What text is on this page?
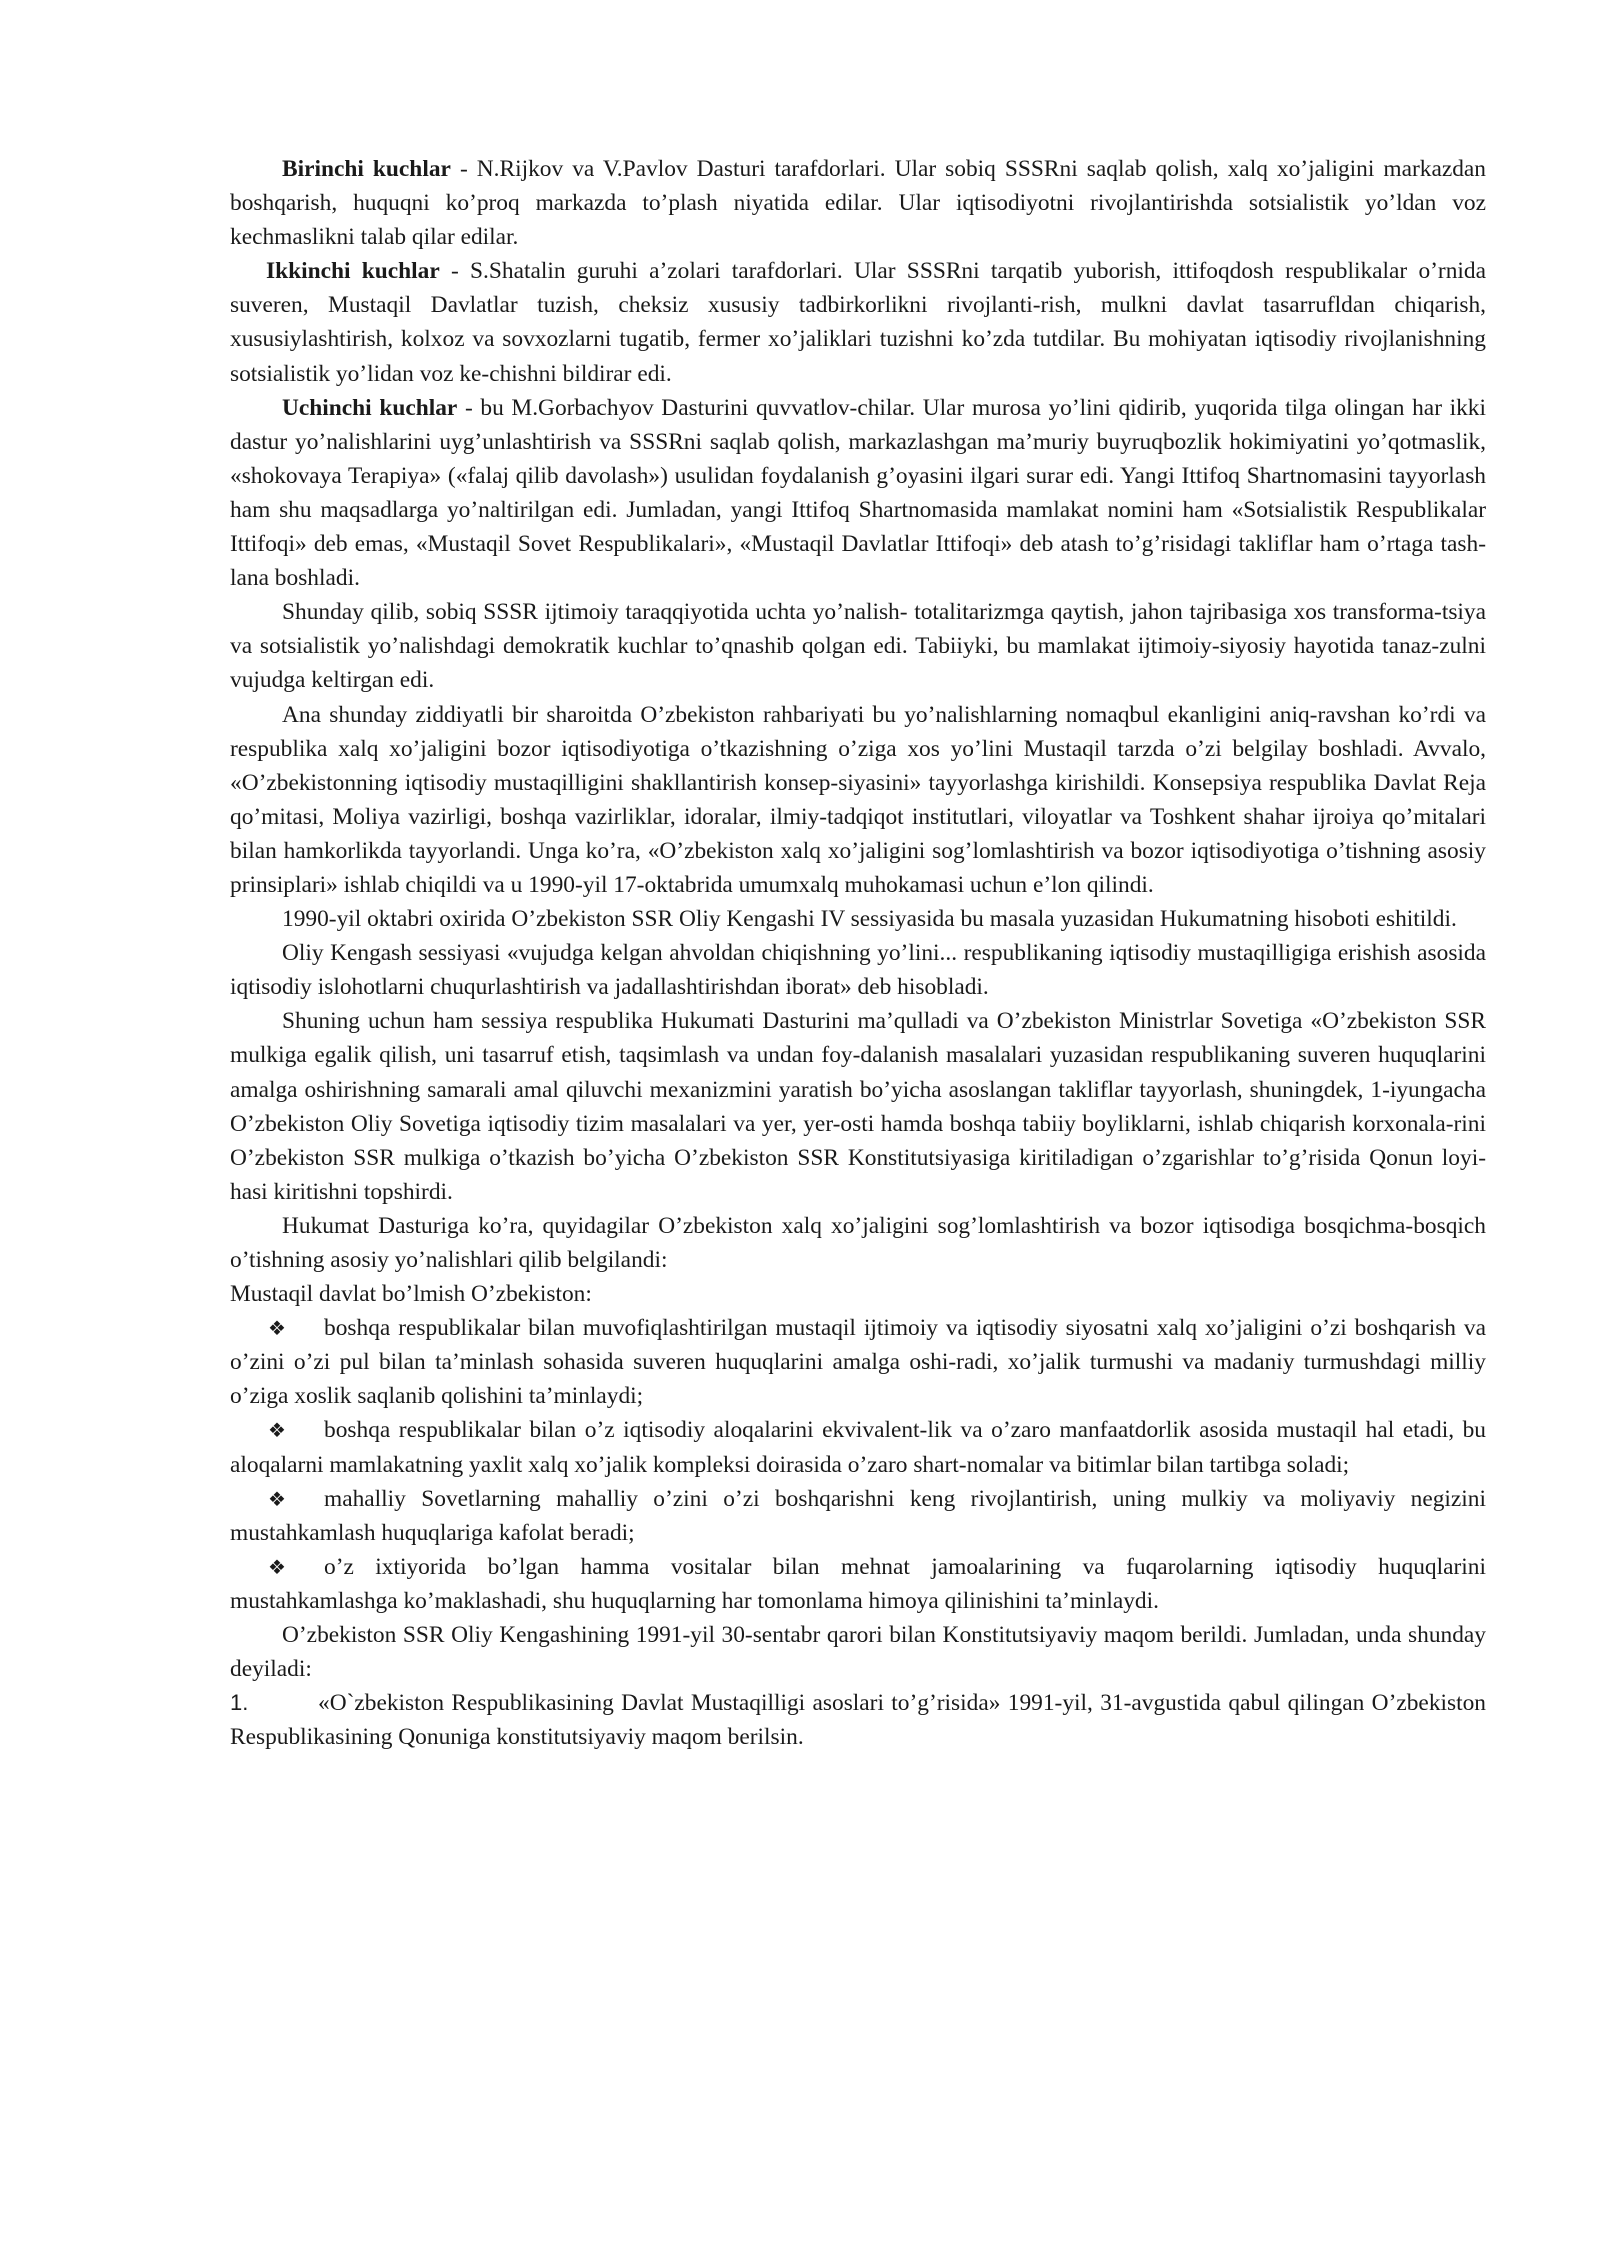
Birinchi kuchlar - N.Rijkov va V.Pavlov Dasturi tarafdorlari. Ular sobiq SSSRni saqlab qolish, xalq xo’jaligini markazdan boshqarish, huquqni ko’proq markazda to’plash niyatida edilar. Ular iqtisodiyotni rivojlantirishda sotsialistik yo’ldan voz kechmaslikni talab qilar edilar.

Ikkinchi kuchlar - S.Shatalin guruhi a’zolari tarafdorlari. Ular SSSRni tarqatib yuborish, ittifoqdosh respublikalar o’rnida suveren, Mustaqil Davlatlar tuzish, cheksiz xususiy tadbirkorlikni rivojlanti-rish, mulkni davlat tasarrufldan chiqarish, xususiylashtirish, kolxoz va sovxozlarni tugatib, fermer xo’jaliklari tuzishni ko’zda tutdilar. Bu mohiyatan iqtisodiy rivojlanishning sotsialistik yo’lidan voz ke-chishni bildirar edi.

Uchinchi kuchlar - bu M.Gorbachyov Dasturini quvvatlov-chilar. Ular murosa yo’lini qidirib, yuqorida tilga olingan har ikki dastur yo’nalishlarini uyg’unlashtirish va SSSRni saqlab qolish, markazlashgan ma’muriy buyruqbozlik hokimiyatini yo’qotmaslik, «shokovaya Terapiya» («falaj qilib davolash») usulidan foydalanish g’oyasini ilgari surar edi. Yangi Ittifoq Shartnomasini tayyorlash ham shu maqsadlarga yo’naltirilgan edi. Jumladan, yangi Ittifoq Shartnomasida mamlakat nomini ham «Sotsialistik Respublikalar Ittifoqi» deb emas, «Mustaqil Sovet Respublikalari», «Mustaqil Davlatlar Ittifoqi» deb atash to’g’risidagi takliflar ham o’rtaga tash-lana boshladi.

Shunday qilib, sobiq SSSR ijtimoiy taraqqiyotida uchta yo’nalish- totalitarizmga qaytish, jahon tajribasiga xos transforma-tsiya va sotsialistik yo’nalishdagi demokratik kuchlar to’qnashib qolgan edi. Tabiiyki, bu mamlakat ijtimoiy-siyosiy hayotida tanaz-zulni vujudga keltirgan edi.

Ana shunday ziddiyatli bir sharoitda O’zbekiston rahbariyati bu yo’nalishlarning nomaqbul ekanligini aniq-ravshan ko’rdi va respublika xalq xo’jaligini bozor iqtisodiyotiga o’tkazishning o’ziga xos yo’lini Mustaqil tarzda o’zi belgilay boshladi. Avvalo, «O’zbekistonning iqtisodiy mustaqilligini shakllantirish konsep-siyasini» tayyorlashga kirishildi. Konsepsiya respublika Davlat Reja qo’mitasi, Moliya vazirligi, boshqa vazirliklar, idoralar, ilmiy-tadqiqot institutlari, viloyatlar va Toshkent shahar ijroiya qo’mitalari bilan hamkorlikda tayyorlandi. Unga ko’ra, «O’zbekiston xalq xo’jaligini sog’lomlashtirish va bozor iqtisodiyotiga o’tishning asosiy prinsiplari» ishlab chiqildi va u 1990-yil 17-oktabrida umumxalq muhokamasi uchun e’lon qilindi.

1990-yil oktabri oxirida O’zbekiston SSR Oliy Kengashi IV sessiyasida bu masala yuzasidan Hukumatning hisoboti eshitildi.

Oliy Kengash sessiyasi «vujudga kelgan ahvoldan chiqishning yo’lini... respublikaning iqtisodiy mustaqilligiga erishish asosida iqtisodiy islohotlarni chuqurlashtirish va jadallashtirishdan iborat» deb hisobladi.

Shuning uchun ham sessiya respublika Hukumati Dasturini ma’qulladi va O’zbekiston Ministrlar Sovetiga «O’zbekiston SSR mulkiga egalik qilish, uni tasarruf etish, taqsimlash va undan foy-dalanish masalalari yuzasidan respublikaning suveren huquqlarini amalga oshirishning samarali amal qiluvchi mexanizmini yaratish bo’yicha asoslangan takliflar tayyorlash, shuningdek, 1-iyungacha O’zbekiston Oliy Sovetiga iqtisodiy tizim masalalari va yer, yer-osti hamda boshqa tabiiy boyliklarni, ishlab chiqarish korxonala-rini O’zbekiston SSR mulkiga o’tkazish bo’yicha O’zbekiston SSR Konstitutsiyasiga kiritiladigan o’zgarishlar to’g’risida Qonun loyi-hasi kiritishni topshirdi.

Hukumat Dasturiga ko’ra, quyidagilar O’zbekiston xalq xo’jaligini sog’lomlashtirish va bozor iqtisodiga bosqichma-bosqich o’tishning asosiy yo’nalishlari qilib belgilandi:

Mustaqil davlat bo’lmish O’zbekiston:

❖ boshqa respublikalar bilan muvofiqlashtirilgan mustaqil ijtimoiy va iqtisodiy siyosatni xalq xo’jaligini o’zi boshqarish va o’zini o’zi pul bilan ta’minlash sohasida suveren huquqlarini amalga oshi-radi, xo’jalik turmushi va madaniy turmushdagi milliy o’ziga xoslik saqlanib qolishini ta’minlaydi;

❖ boshqa respublikalar bilan o’z iqtisodiy aloqalarini ekvivalent-lik va o’zaro manfaatdorlik asosida mustaqil hal etadi, bu aloqalarni mamlakatning yaxlit xalq xo’jalik kompleksi doirasida o’zaro shart-nomalar va bitimlar bilan tartibga soladi;

❖ mahalliy Sovetlarning mahalliy o’zini o’zi boshqarishni keng rivojlantirish, uning mulkiy va moliyaviy negizini mustahkamlash huquqlariga kafolat beradi;

❖ o’z ixtiyorida bo’lgan hamma vositalar bilan mehnat jamoalarining va fuqarolarning iqtisodiy huquqlarini mustahkamlashga ko’maklashadi, shu huquqlarning har tomonlama himoya qilinishini ta’minlaydi.

O’zbekiston SSR Oliy Kengashining 1991-yil 30-sentabr qarori bilan Konstitutsiyaviy maqom berildi. Jumladan, unda shunday deyiladi:

1.	«O`zbekiston Respublikasining Davlat Mustaqilligi asoslari to’g’risida» 1991-yil, 31-avgustida qabul qilingan O’zbekiston Respublikasining Qonuniga konstitutsiyaviy maqom berilsin.
